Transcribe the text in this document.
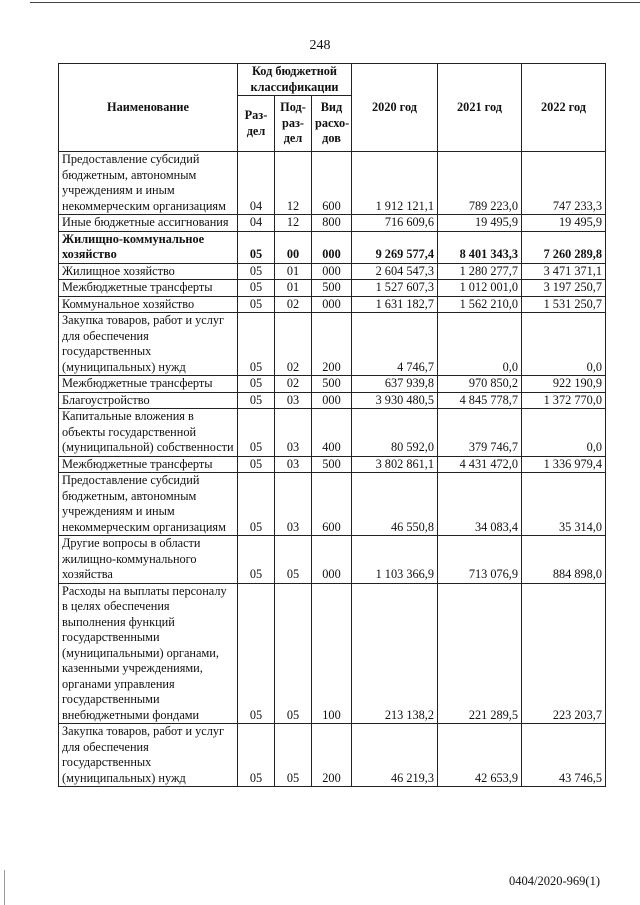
248
Наименование	Код бюджетной классификации			2020 год	2021 год	2022 год
	Раз-дел	Под-раз-дел	Вид расхо-дов			
Предоставление субсидий бюджетным, автономным учреждениям и иным некоммерческим организациям	04	12	600	1 912 121,1	789 223,0	747 233,3
Иные бюджетные ассигнования	04	12	800	716 609,6	19 495,9	19 495,9
Жилищно-коммунальное хозяйство	05	00	000	9 269 577,4	8 401 343,3	7 260 289,8
Жилищное хозяйство	05	01	000	2 604 547,3	1 280 277,7	3 471 371,1
Межбюджетные трансферты	05	01	500	1 527 607,3	1 012 001,0	3 197 250,7
Коммунальное хозяйство	05	02	000	1 631 182,7	1 562 210,0	1 531 250,7
Закупка товаров, работ и услуг для обеспечения государственных (муниципальных) нужд	05	02	200	4 746,7	0,0	0,0
Межбюджетные трансферты	05	02	500	637 939,8	970 850,2	922 190,9
Благоустройство	05	03	000	3 930 480,5	4 845 778,7	1 372 770,0
Капитальные вложения в объекты государственной (муниципальной) собственности	05	03	400	80 592,0	379 746,7	0,0
Межбюджетные трансферты	05	03	500	3 802 861,1	4 431 472,0	1 336 979,4
Предоставление субсидий бюджетным, автономным учреждениям и иным некоммерческим организациям	05	03	600	46 550,8	34 083,4	35 314,0
Другие вопросы в области жилищно-коммунального хозяйства	05	05	000	1 103 366,9	713 076,9	884 898,0
Расходы на выплаты персоналу в целях обеспечения выполнения функций государственными (муниципальными) органами, казенными учреждениями, органами управления государственными внебюджетными фондами	05	05	100	213 138,2	221 289,5	223 203,7
Закупка товаров, работ и услуг для обеспечения государственных (муниципальных) нужд	05	05	200	46 219,3	42 653,9	43 746,5
0404/2020-969(1)
